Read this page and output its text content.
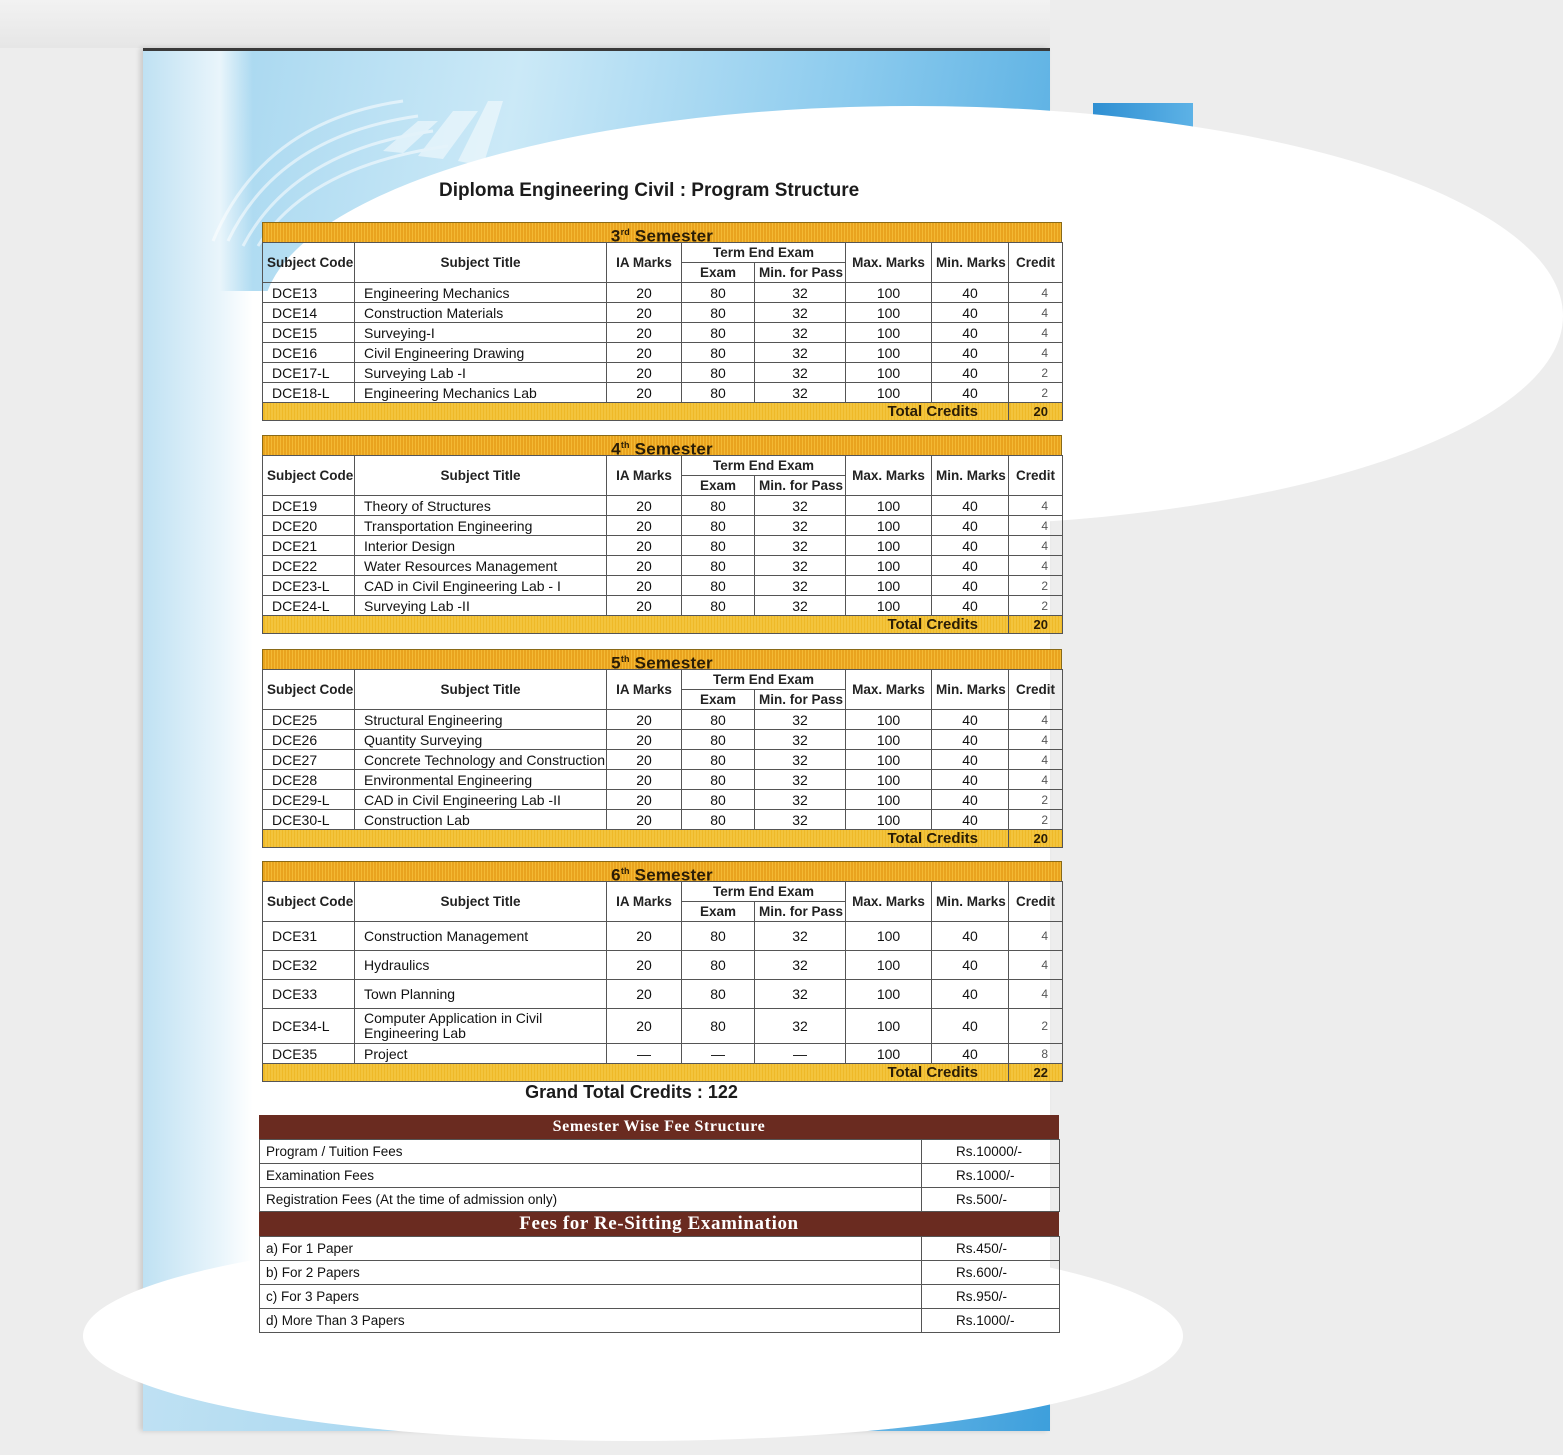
Diploma Engineering Civil : Program Structure
3rd Semester
Subject Code	Subject Title	IA Marks	Term End Exam		Max. Marks	Min. Marks	Credit
			Exam	Min. for Pass			
DCE13	Engineering Mechanics	20	80	32	100	40	4
DCE14	Construction Materials	20	80	32	100	40	4
DCE15	Surveying-I	20	80	32	100	40	4
DCE16	Civil Engineering Drawing	20	80	32	100	40	4
DCE17-L	Surveying Lab -I	20	80	32	100	40	2
DCE18-L	Engineering Mechanics Lab	20	80	32	100	40	2
Total Credits							20
4th Semester
Subject Code	Subject Title	IA Marks	Term End Exam		Max. Marks	Min. Marks	Credit
			Exam	Min. for Pass			
DCE19	Theory of Structures	20	80	32	100	40	4
DCE20	Transportation Engineering	20	80	32	100	40	4
DCE21	Interior Design	20	80	32	100	40	4
DCE22	Water Resources Management	20	80	32	100	40	4
DCE23-L	CAD in Civil Engineering Lab - I	20	80	32	100	40	2
DCE24-L	Surveying Lab -II	20	80	32	100	40	2
Total Credits							20
5th Semester
Subject Code	Subject Title	IA Marks	Term End Exam		Max. Marks	Min. Marks	Credit
			Exam	Min. for Pass			
DCE25	Structural Engineering	20	80	32	100	40	4
DCE26	Quantity Surveying	20	80	32	100	40	4
DCE27	Concrete Technology and Construction	20	80	32	100	40	4
DCE28	Environmental Engineering	20	80	32	100	40	4
DCE29-L	CAD in Civil Engineering Lab -II	20	80	32	100	40	2
DCE30-L	Construction Lab	20	80	32	100	40	2
Total Credits							20
6th Semester
Subject Code	Subject Title	IA Marks	Term End Exam		Max. Marks	Min. Marks	Credit
			Exam	Min. for Pass			
DCE31	Construction Management	20	80	32	100	40	4
DCE32	Hydraulics	20	80	32	100	40	4
DCE33	Town Planning	20	80	32	100	40	4
DCE34-L	Computer Application in Civil Engineering Lab	20	80	32	100	40	2
DCE35	Project	—	—	—	100	40	8
Total Credits							22
Grand Total Credits : 122
Semester Wise Fee Structure
Program / Tuition Fees	Rs.10000/-
Examination Fees	Rs.1000/-
Registration Fees (At the time of admission only)	Rs.500/-
Fees for Re-Sitting Examination
a) For 1 Paper	Rs.450/-
b) For 2 Papers	Rs.600/-
c) For 3 Papers	Rs.950/-
d) More Than 3 Papers	Rs.1000/-
